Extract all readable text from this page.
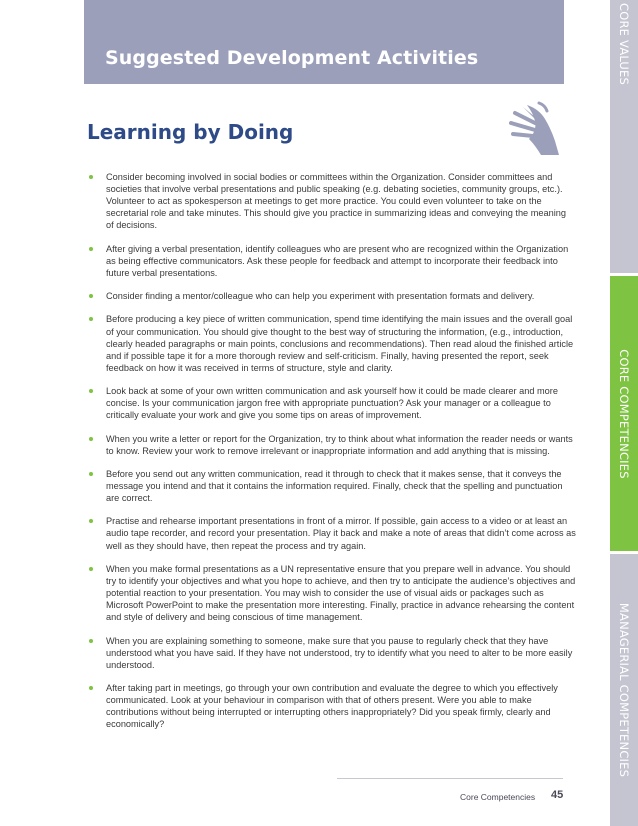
Suggested Development Activities
Learning by Doing
CORE VALUES
CORE COMPETENCIES
MANAGERIAL COMPETENCIES
Consider becoming involved in social bodies or committees within the Organization. Consider committees and societies that involve verbal presentations and public speaking (e.g. debating societies, community groups, etc.). Volunteer to act as spokesperson at meetings to get more practice. You could even volunteer to take on the secretarial role and take minutes. This should give you practice in summarizing ideas and conveying the meaning of decisions.
After giving a verbal presentation, identify colleagues who are present who are recognized within the Organization as being effective communicators. Ask these people for feedback and attempt to incorporate their feedback into future verbal presentations.
Consider finding a mentor/colleague who can help you experiment with presentation formats and delivery.
Before producing a key piece of written communication, spend time identifying the main issues and the overall goal of your communication. You should give thought to the best way of structuring the information, (e.g., introduction, clearly headed paragraphs or main points, conclusions and recommendations). Then read aloud the finished article and if possible tape it for a more thorough review and self-criticism. Finally, having presented the report, seek feedback on how it was received in terms of structure, style and clarity.
Look back at some of your own written communication and ask yourself how it could be made clearer and more concise. Is your communication jargon free with appropriate punctuation? Ask your manager or a colleague to critically evaluate your work and give you some tips on areas of improvement.
When you write a letter or report for the Organization, try to think about what information the reader needs or wants to know. Review your work to remove irrelevant or inappropriate information and add anything that is missing.
Before you send out any written communication, read it through to check that it makes sense, that it conveys the message you intend and that it contains the information required. Finally, check that the spelling and punctuation are correct.
Practise and rehearse important presentations in front of a mirror. If possible, gain access to a video or at least an audio tape recorder, and record your presentation. Play it back and make a note of areas that didn’t come across as well as they should have, then repeat the process and try again.
When you make formal presentations as a UN representative ensure that you prepare well in advance. You should try to identify your objectives and what you hope to achieve, and then try to anticipate the audience’s objectives and potential reaction to your presentation. You may wish to consider the use of visual aids or packages such as Microsoft PowerPoint to make the presentation more interesting. Finally, practice in advance rehearsing the content and style of delivery and being conscious of time management.
When you are explaining something to someone, make sure that you pause to regularly check that they have understood what you have said. If they have not understood, try to identify what you need to alter to be more easily understood.
After taking part in meetings, go through your own contribution and evaluate the degree to which you effectively communicated. Look at your behaviour in comparison with that of others present. Were you able to make contributions without being interrupted or interrupting others inappropriately? Did you speak firmly, clearly and economically?
Core Competencies 45
